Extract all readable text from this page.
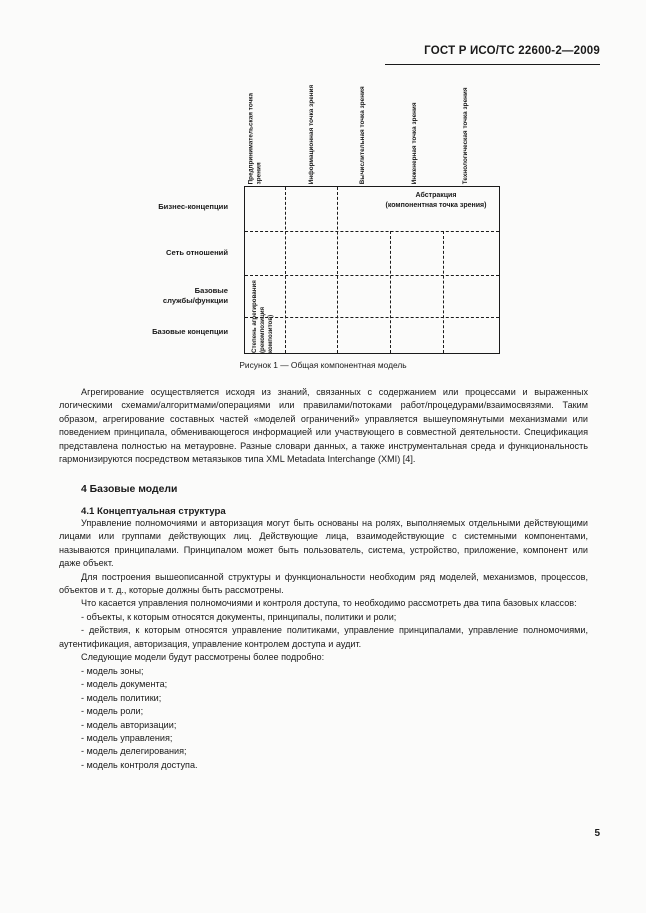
ГОСТ Р ИСО/ТС 22600-2—2009
Предпринимательская точка зрения	Информационная точка зрения	Вычислительная точка зрения	Инженерная точка зрения	Технологическая точка зрения
Бизнес-концепции
Сеть отношений
Базовые
службы/функции
Базовые концепции
Абстракция
(компонентная точка зрения)
Степень агрегирования (рекомпозиция композитов)
Рисунок 1 — Общая компонентная модель

Агрегирование осуществляется исходя из знаний, связанных с содержанием или процессами и выраженных логическими схемами/алгоритмами/операциями или правилами/потоками работ/процедурами/взаимосвязями. Таким образом, агрегирование составных частей «моделей ограничений» управляется вышеупомянутыми механизмами или поведением принципала, обменивающегося информацией или участвующего в совместной деятельности. Спецификация представлена полностью на метауровне. Разные словари данных, а также инструментальная среда и функциональность гармонизируются посредством метаязыков типа XML Metadata Interchange (XMI) [4].

4 Базовые модели
4.1 Концептуальная структура

Управление полномочиями и авторизация могут быть основаны на ролях, выполняемых отдельными действующими лицами или группами действующих лиц. Действующие лица, взаимодействующие с системными компонентами, называются принципалами. Принципалом может быть пользователь, система, устройство, приложение, компонент или даже объект.

Для построения вышеописанной структуры и функциональности необходим ряд моделей, механизмов, процессов, объектов и т. д., которые должны быть рассмотрены.

Что касается управления полномочиями и контроля доступа, то необходимо рассмотреть два типа базовых классов:

- объекты, к которым относятся документы, принципалы, политики и роли;

- действия, к которым относятся управление политиками, управление принципалами, управление полномочиями, аутентификация, авторизация, управление контролем доступа и аудит.

Следующие модели будут рассмотрены более подробно:

- модель зоны;

- модель документа;

- модель политики;

- модель роли;

- модель авторизации;

- модель управления;

- модель делегирования;

- модель контроля доступа.

5
